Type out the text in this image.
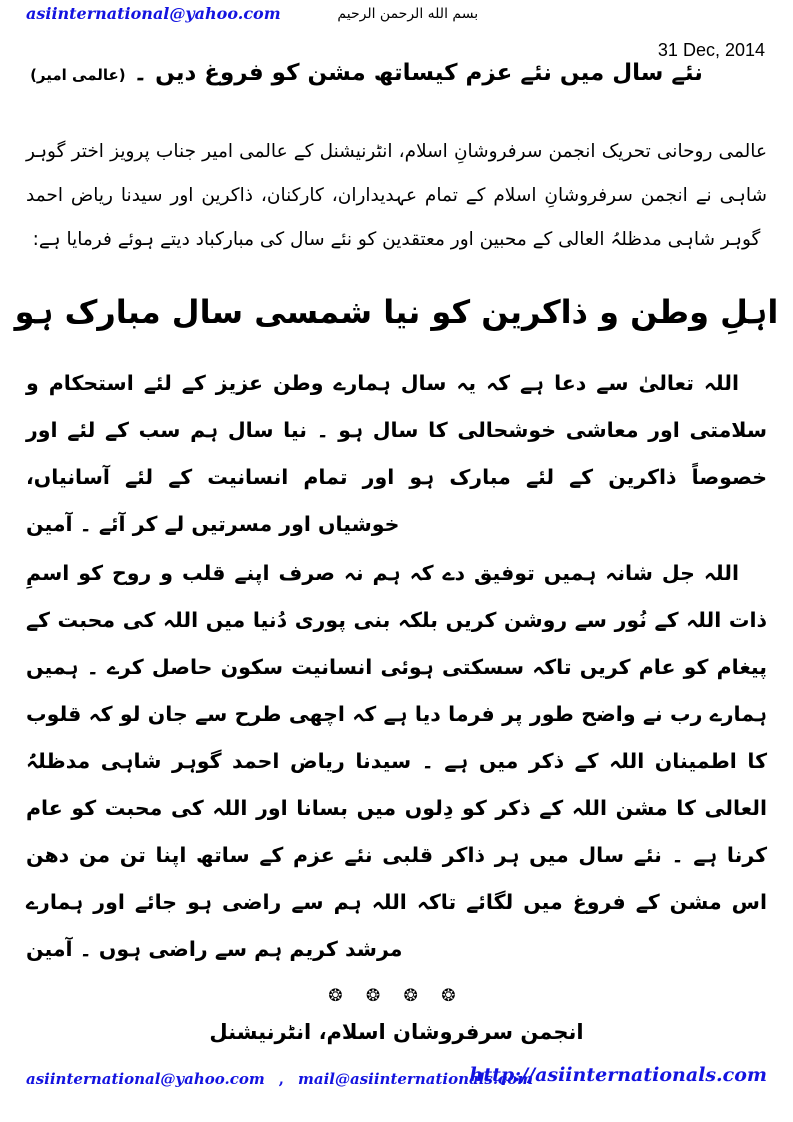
asiinternational@yahoo.com	بسم الله الرحمن الرحيم
31 Dec, 2014
نئے سال میں نئے عزم کیساتھ مشن کو فروغ دیں ۔ (عالمی امیر)
عالمی روحانی تحریک انجمن سرفروشانِ اسلام، انٹرنیشنل کے عالمی امیر جناب پرویز اختر گوہر شاہی نے انجمن سرفروشانِ اسلام کے تمام عہدیداران، کارکنان، ذاکرین اور سیدنا ریاض احمد گوہر شاہی مدظلہُ العالی کے محبین اور معتقدین کو نئے سال کی مبارکباد دیتے ہوئے فرمایا ہے:
اہلِ وطن و ذاکرین کو نیا شمسی سال مبارک ہو
اللہ تعالیٰ سے دعا ہے کہ یہ سال ہمارے وطن عزیز کے لئے استحکام و سلامتی اور معاشی خوشحالی کا سال ہو ۔ نیا سال ہم سب کے لئے اور خصوصاً ذاکرین کے لئے مبارک ہو اور تمام انسانیت کے لئے آسانیاں، خوشیاں اور مسرتیں لے کر آئے ۔ آمین
اللہ جل شانہ ہمیں توفیق دے کہ ہم نہ صرف اپنے قلب و روح کو اسمِ ذات اللہ کے نُور سے روشن کریں بلکہ بنی پوری دُنیا میں اللہ کی محبت کے پیغام کو عام کریں تاکہ سسکتی ہوئی انسانیت سکون حاصل کرے ۔ ہمیں ہمارے رب نے واضح طور پر فرما دیا ہے کہ اچھی طرح سے جان لو کہ قلوب کا اطمینان اللہ کے ذکر میں ہے ۔ سیدنا ریاض احمد گوہر شاہی مدظلہُ العالی کا مشن اللہ کے ذکر کو دِلوں میں بسانا اور اللہ کی محبت کو عام کرنا ہے ۔ نئے سال میں ہر ذاکر قلبی نئے عزم کے ساتھ اپنا تن من دھن اس مشن کے فروغ میں لگائے تاکہ اللہ ہم سے راضی ہو جائے اور ہمارے مرشد کریم ہم سے راضی ہوں ۔ آمین
❂ ❂ ❂ ❂
انجمن سرفروشان اسلام، انٹرنیشنل
asiinternational@yahoo.com , mail@asiinternationals.com
http://asiinternationals.com
